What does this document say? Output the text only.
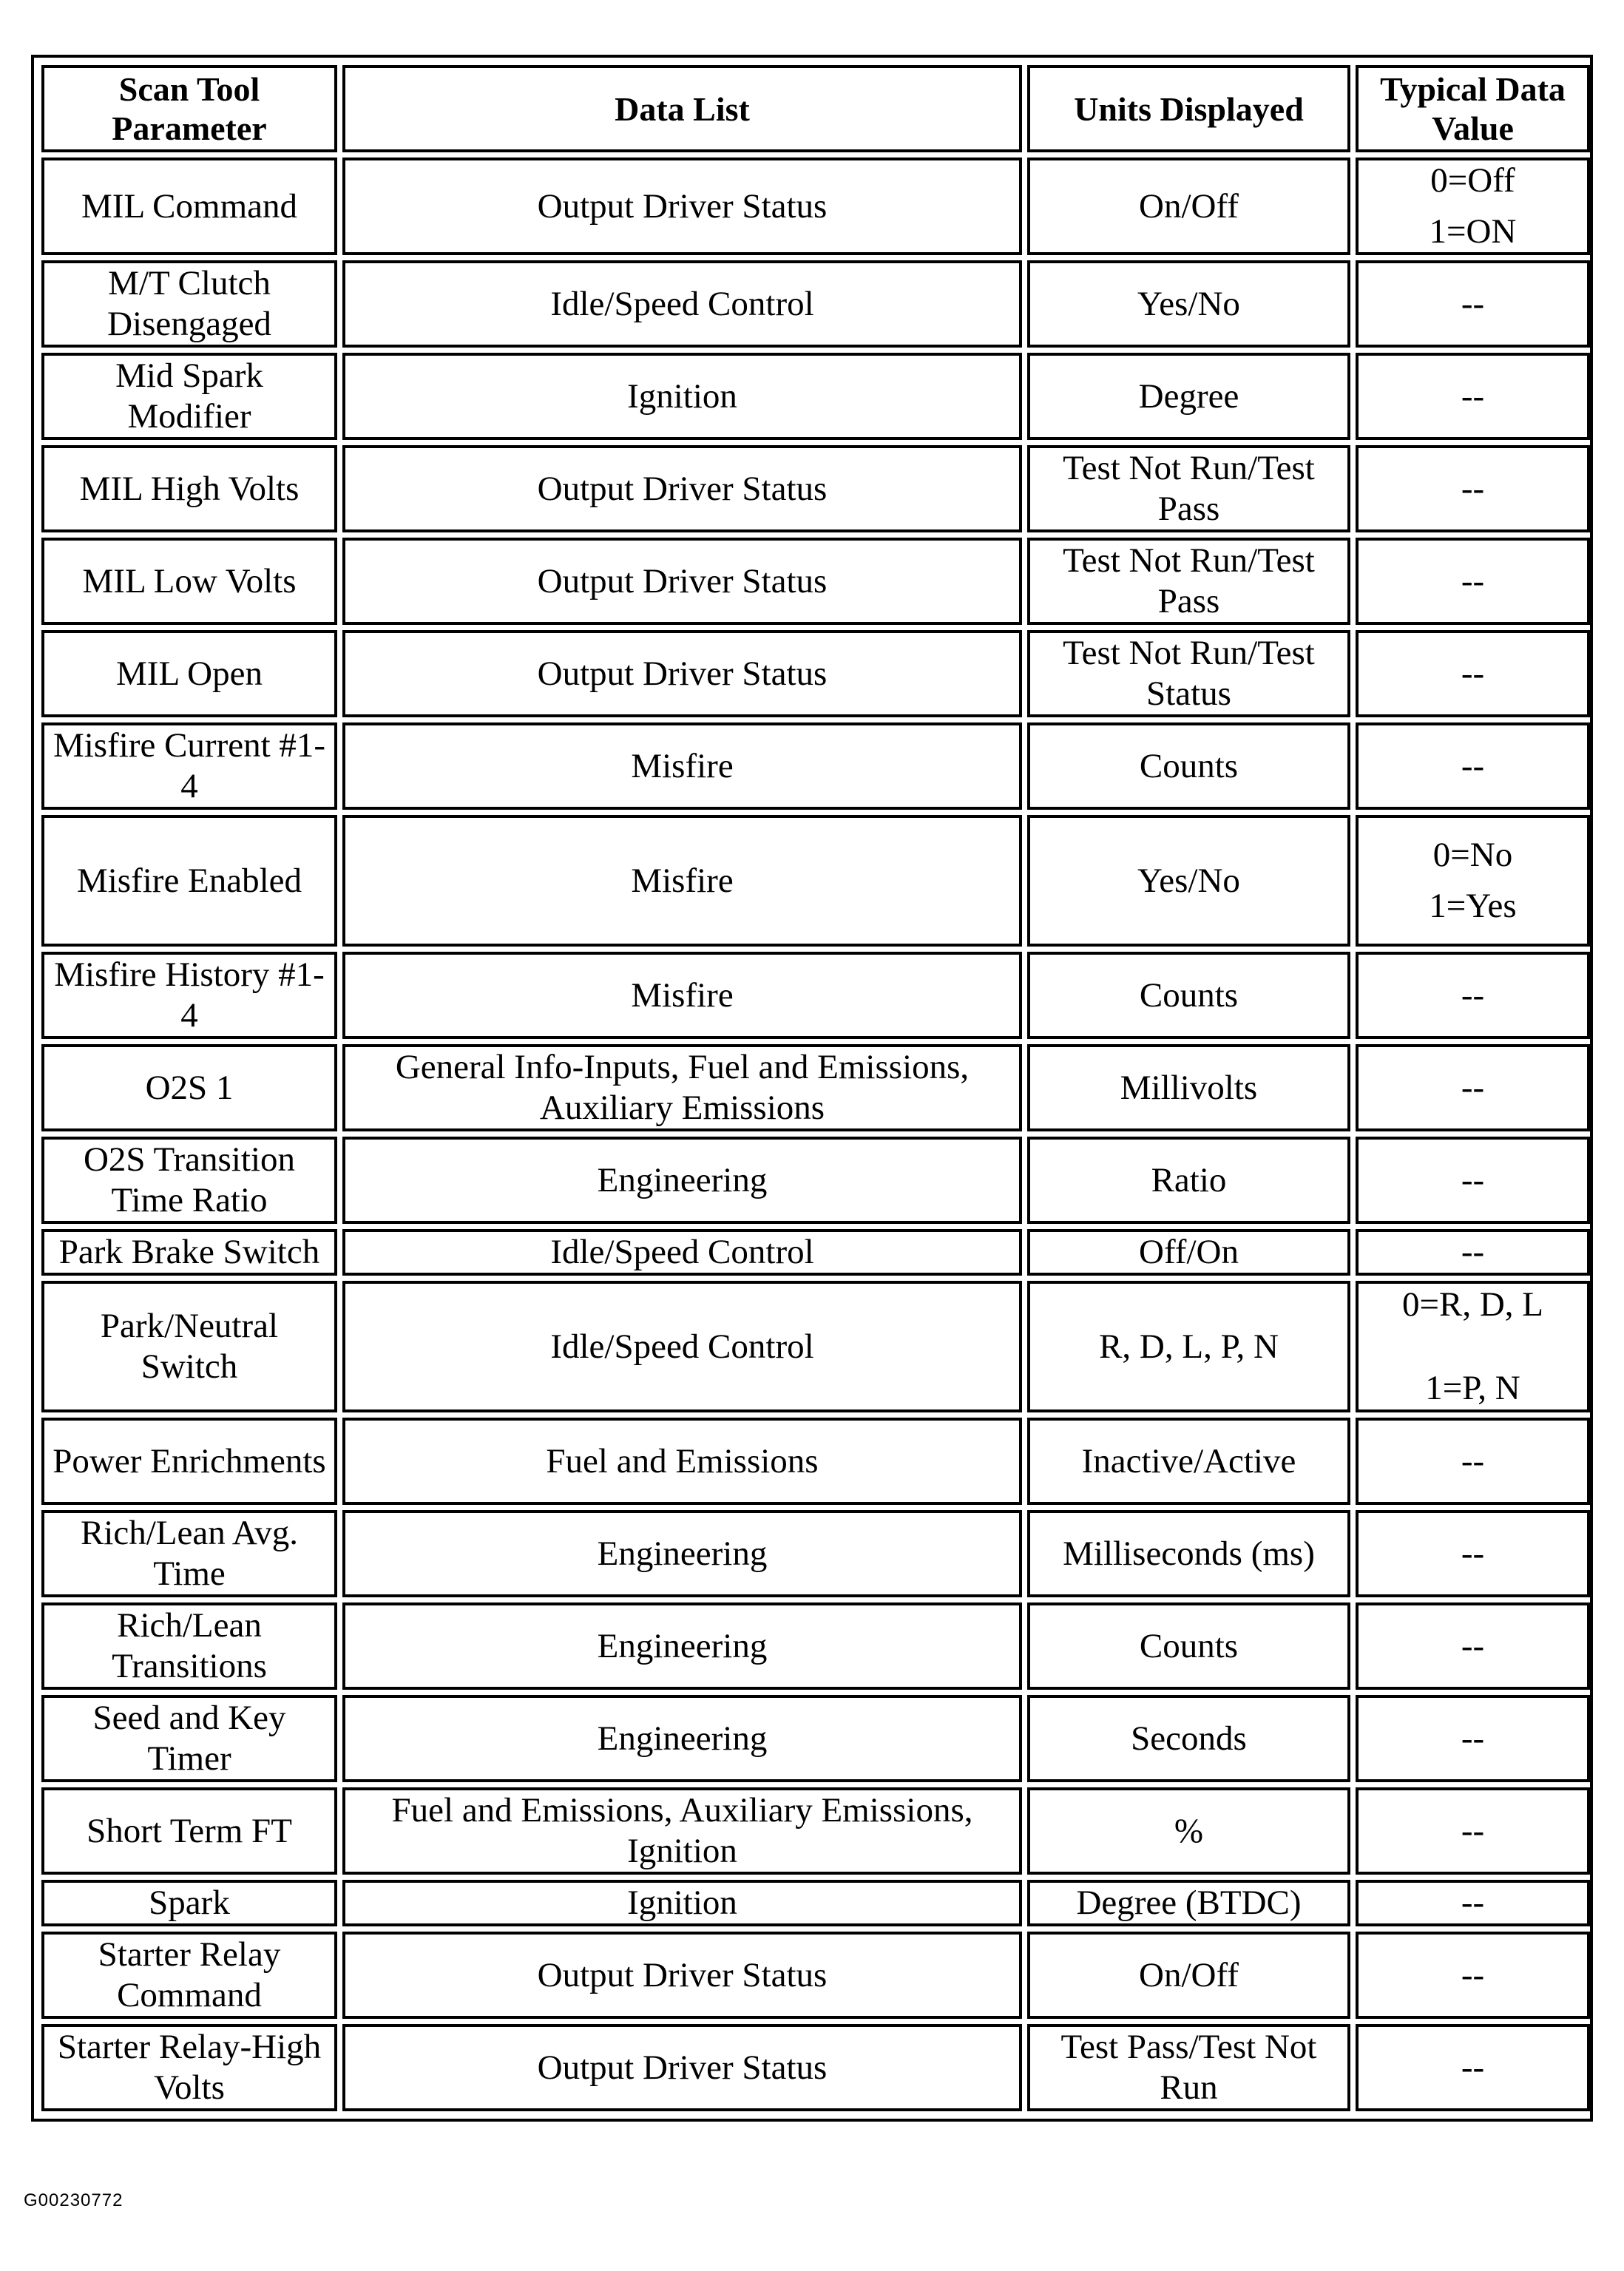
Scan Tool Parameter	Data List	Units Displayed	Typical Data Value
MIL Command	Output Driver Status	On/Off	0=Off
1=ON

M/T Clutch Disengaged	Idle/Speed Control	Yes/No	--

Mid Spark Modifier	Ignition	Degree	--

MIL High Volts	Output Driver Status	Test Not Run/Test Pass	--

MIL Low Volts	Output Driver Status	Test Not Run/Test Pass	--

MIL Open	Output Driver Status	Test Not Run/Test Status	--

Misfire Current #1-4	Misfire	Counts	--

Misfire Enabled	Misfire	Yes/No	0=No
1=Yes

Misfire History #1-4	Misfire	Counts	--

O2S 1	General Info-Inputs, Fuel and Emissions, Auxiliary Emissions	Millivolts	--

O2S Transition Time Ratio	Engineering	Ratio	--

Park Brake Switch	Idle/Speed Control	Off/On	--

Park/Neutral Switch	Idle/Speed Control	R, D, L, P, N	0=R, D, L
1=P, N

Power Enrichments	Fuel and Emissions	Inactive/Active	--

Rich/Lean Avg. Time	Engineering	Milliseconds (ms)	--

Rich/Lean Transitions	Engineering	Counts	--

Seed and Key Timer	Engineering	Seconds	--

Short Term FT	Fuel and Emissions, Auxiliary Emissions, Ignition	%	--

Spark	Ignition	Degree (BTDC)	--

Starter Relay Command	Output Driver Status	On/Off	--

Starter Relay-High Volts	Output Driver Status	Test Pass/Test Not Run	--
G00230772
